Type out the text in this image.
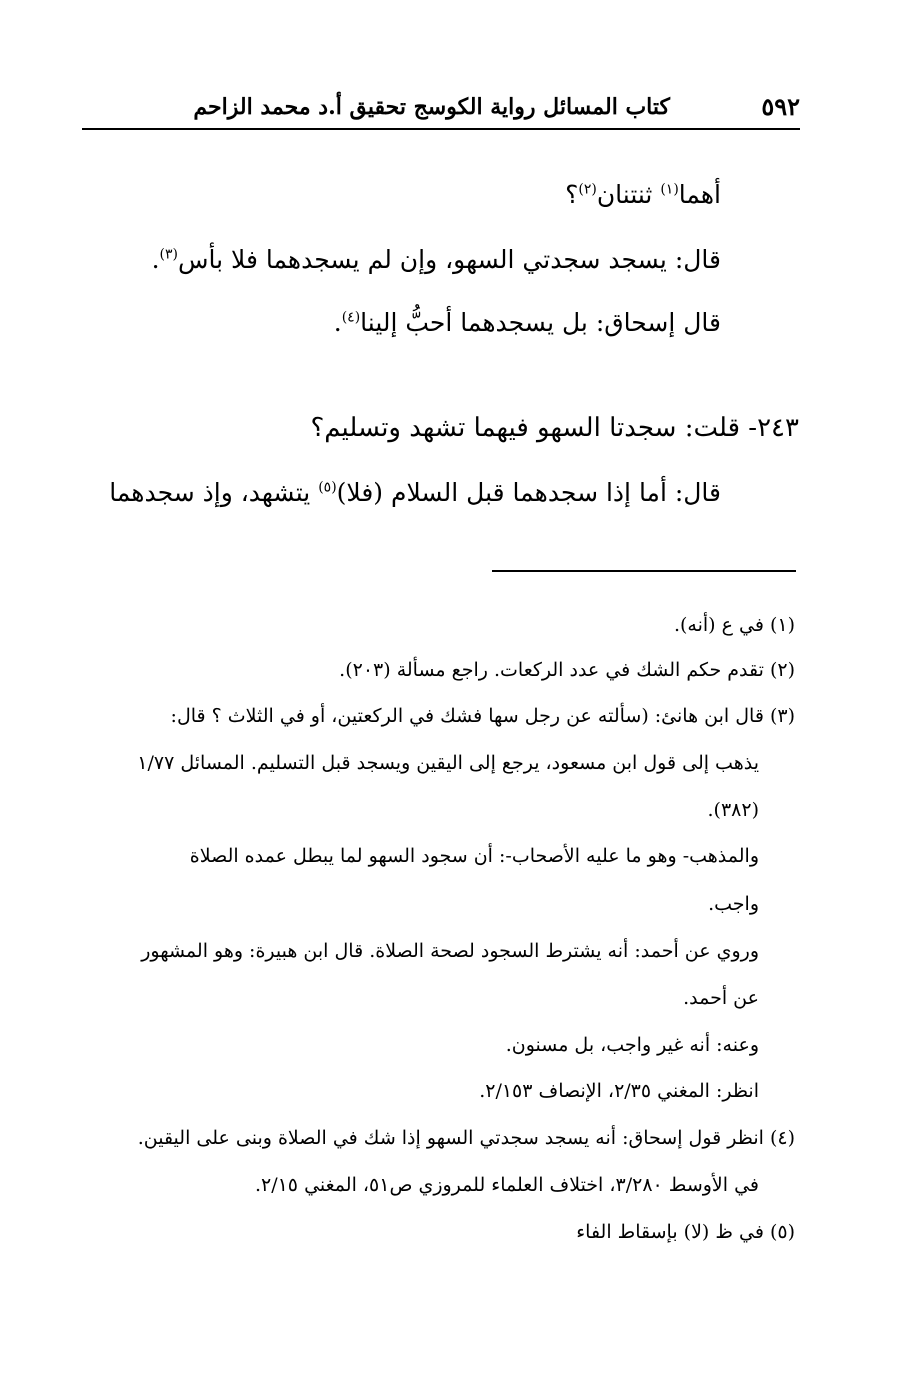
٥٩٢
كتاب المسائل رواية الكوسج تحقيق أ.د محمد الزاحم
أهما$^{(١)}$ ثنتنان$^{(٢)}$؟
قال: يسجد سجدتي السهو، وإن لم يسجدهما فلا بأس$^{(٣)}$.
قال إسحاق: بل يسجدهما أحبُّ إلينا$^{(٤)}$.
٢٤٣- قلت: سجدتا السهو فيهما تشهد وتسليم؟
قال: أما إذا سجدهما قبل السلام (فلا)$^{(٥)}$ يتشهد، وإذ سجدهما
(١) في ع (أنه).
(٢) تقدم حكم الشك في عدد الركعات. راجع مسألة (٢٠٣).
(٣) قال ابن هانئ: (سألته عن رجل سها فشك في الركعتين، أو في الثلاث ؟ قال:
يذهب إلى قول ابن مسعود، يرجع إلى اليقين ويسجد قبل التسليم. المسائل ١/٧٧
(٣٨٢).
والمذهب- وهو ما عليه الأصحاب-: أن سجود السهو لما يبطل عمده الصلاة
واجب.
وروي عن أحمد: أنه يشترط السجود لصحة الصلاة. قال ابن هبيرة: وهو المشهور
عن أحمد.
وعنه: أنه غير واجب، بل مسنون.
انظر: المغني ٢/٣٥، الإنصاف ٢/١٥٣.
(٤) انظر قول إسحاق: أنه يسجد سجدتي السهو إذا شك في الصلاة وبنى على اليقين.
في الأوسط ٣/٢٨٠، اختلاف العلماء للمروزي ص٥١، المغني ٢/١٥.
(٥) في ظ (لا) بإسقاط الفاء
